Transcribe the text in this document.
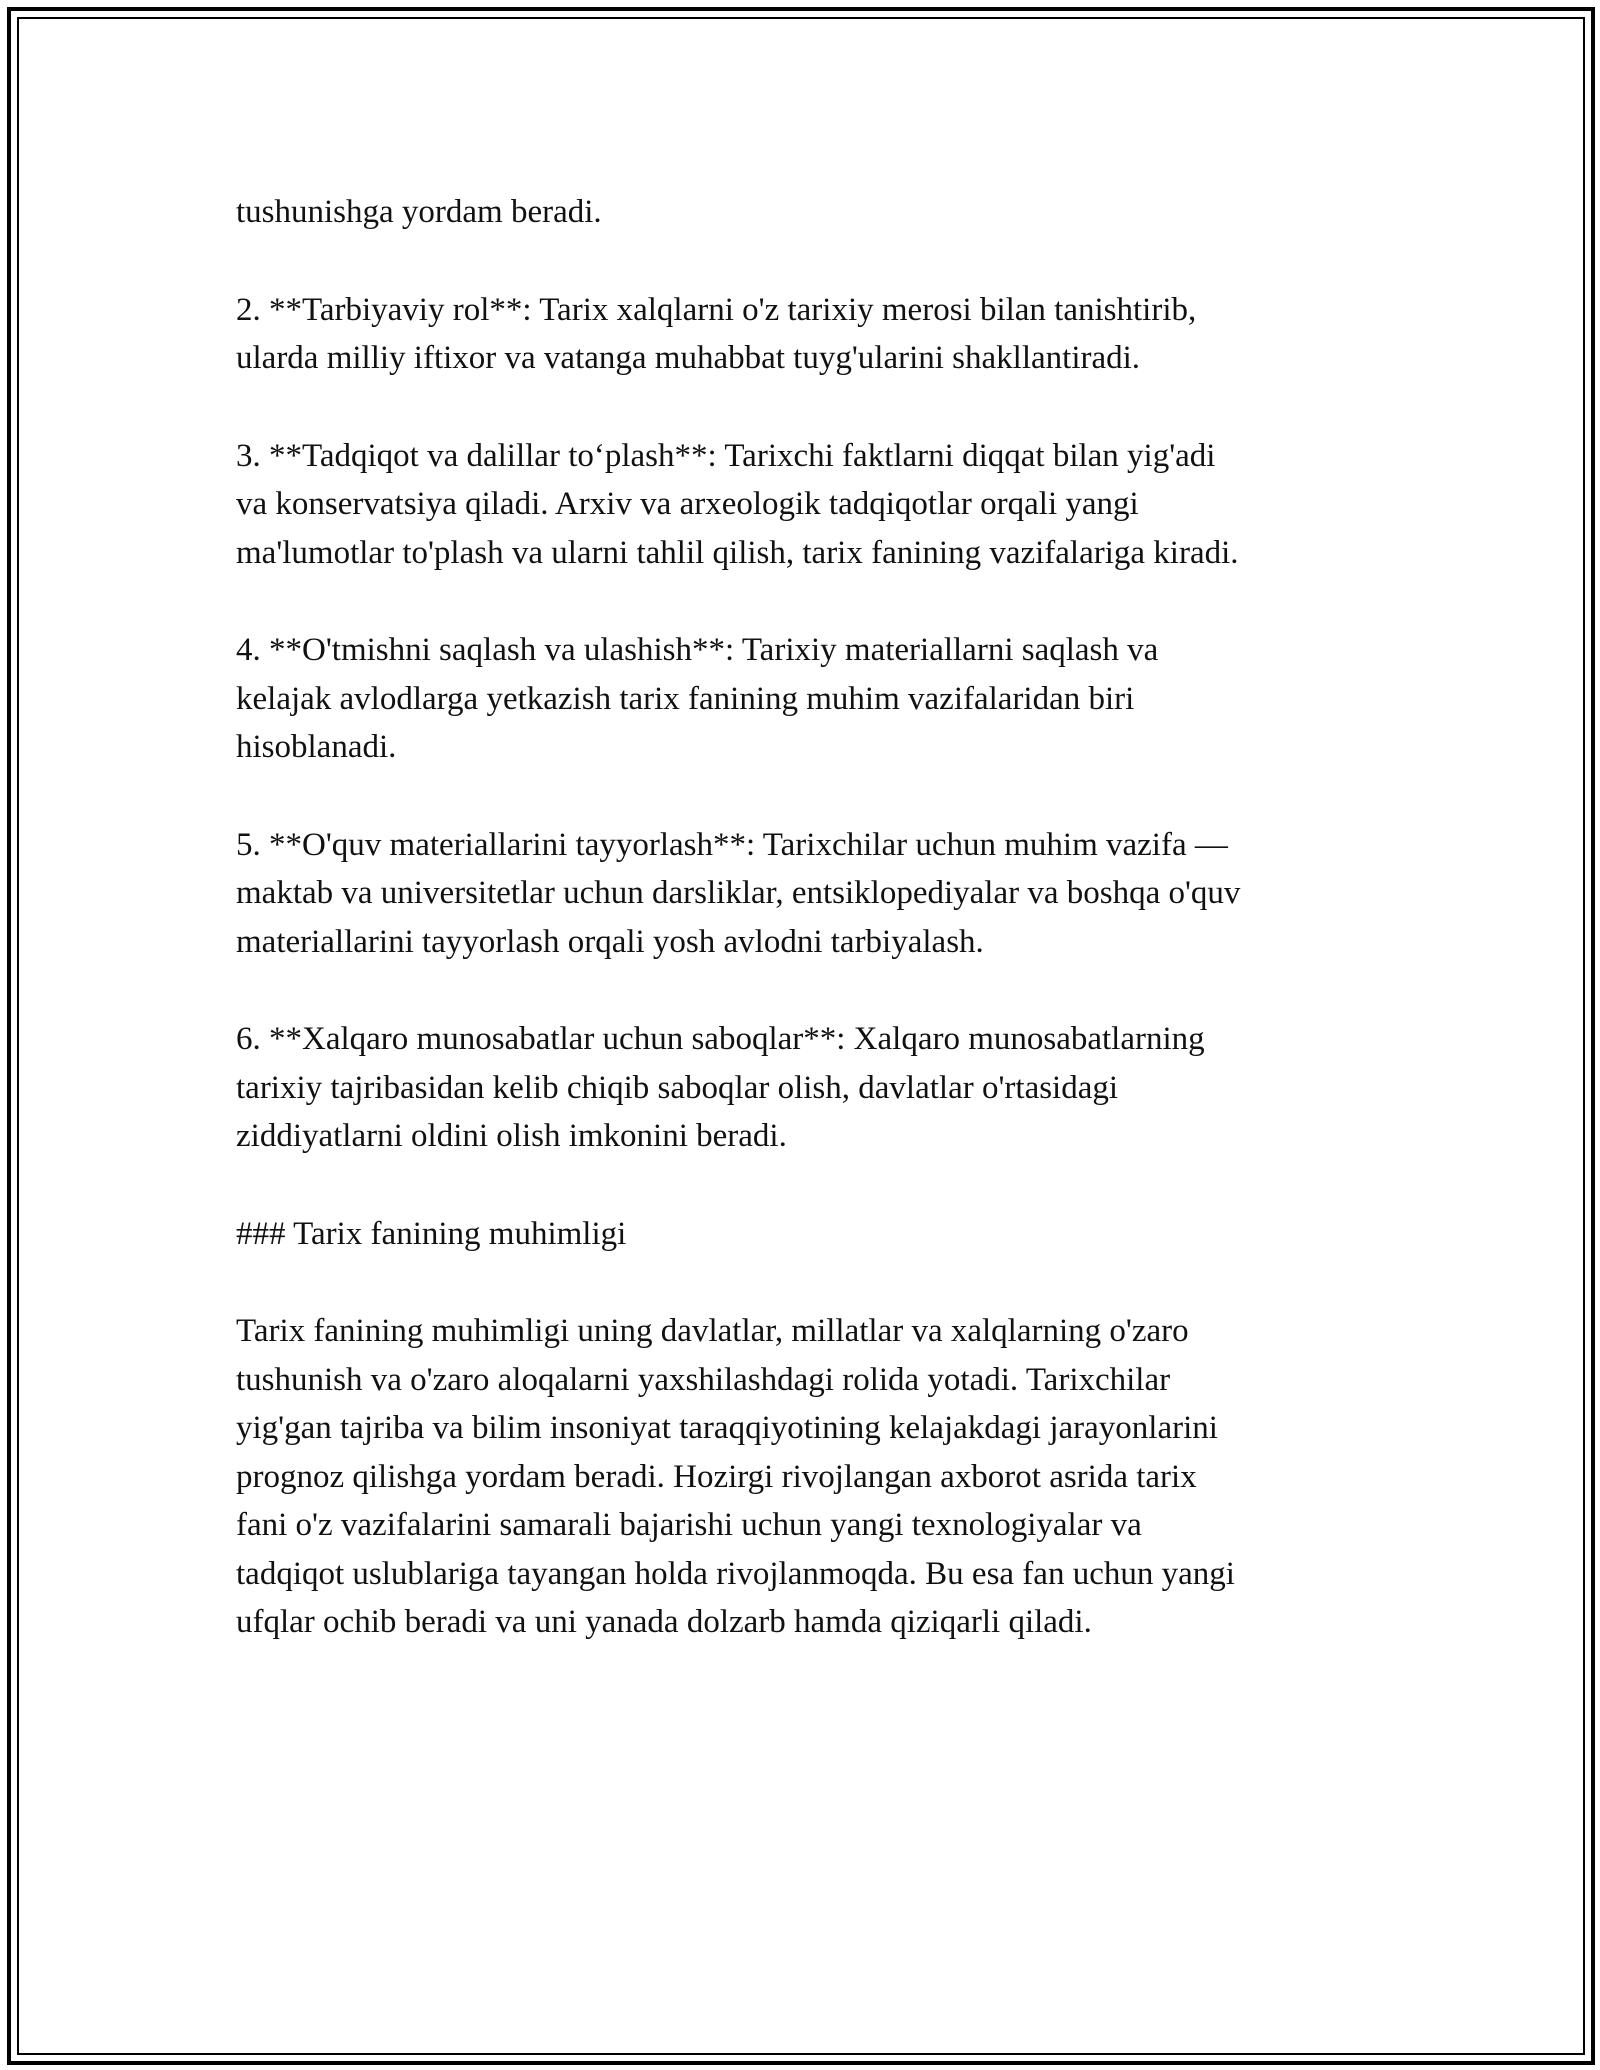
tushunishga yordam beradi.

2. **Tarbiyaviy rol**: Tarix xalqlarni o'z tarixiy merosi bilan tanishtirib,
ularda milliy iftixor va vatanga muhabbat tuyg'ularini shakllantiradi.

3. **Tadqiqot va dalillar to‘plash**: Tarixchi faktlarni diqqat bilan yig'adi
va konservatsiya qiladi. Arxiv va arxeologik tadqiqotlar orqali yangi
ma'lumotlar to'plash va ularni tahlil qilish, tarix fanining vazifalariga kiradi.

4. **O'tmishni saqlash va ulashish**: Tarixiy materiallarni saqlash va
kelajak avlodlarga yetkazish tarix fanining muhim vazifalaridan biri
hisoblanadi.

5. **O'quv materiallarini tayyorlash**: Tarixchilar uchun muhim vazifa —
maktab va universitetlar uchun darsliklar, entsiklopediyalar va boshqa o'quv
materiallarini tayyorlash orqali yosh avlodni tarbiyalash.

6. **Xalqaro munosabatlar uchun saboqlar**: Xalqaro munosabatlarning
tarixiy tajribasidan kelib chiqib saboqlar olish, davlatlar o'rtasidagi
ziddiyatlarni oldini olish imkonini beradi.

### Tarix fanining muhimligi

Tarix fanining muhimligi uning davlatlar, millatlar va xalqlarning o'zaro
tushunish va o'zaro aloqalarni yaxshilashdagi rolida yotadi. Tarixchilar
yig'gan tajriba va bilim insoniyat taraqqiyotining kelajakdagi jarayonlarini
prognoz qilishga yordam beradi. Hozirgi rivojlangan axborot asrida tarix
fani o'z vazifalarini samarali bajarishi uchun yangi texnologiyalar va
tadqiqot uslublariga tayangan holda rivojlanmoqda. Bu esa fan uchun yangi
ufqlar ochib beradi va uni yanada dolzarb hamda qiziqarli qiladi.
